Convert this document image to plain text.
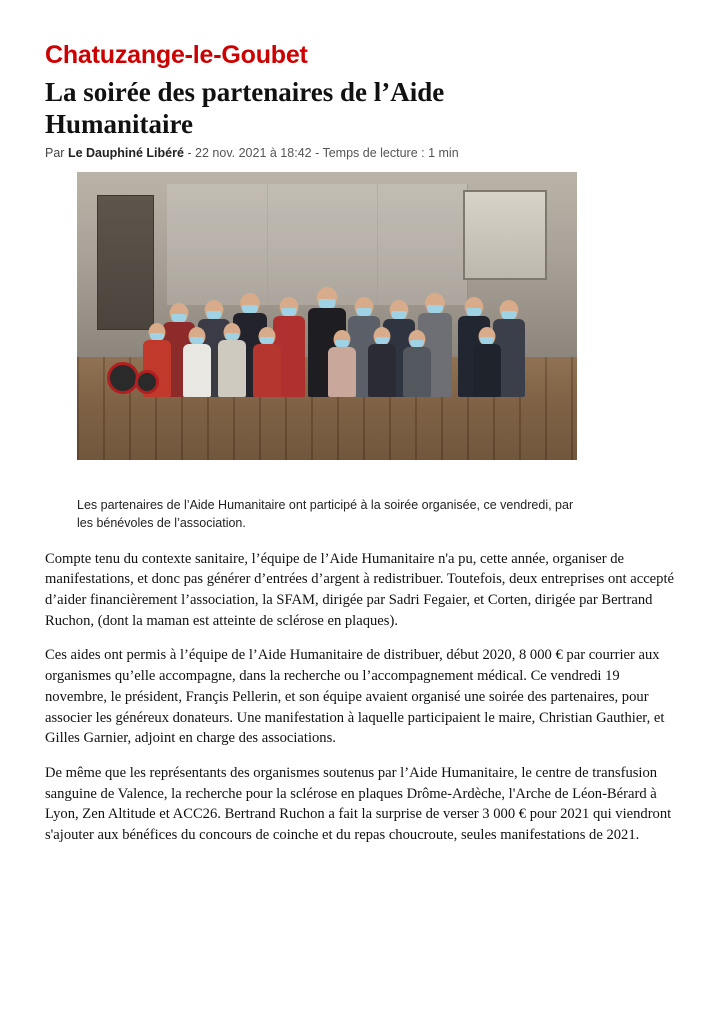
Chatuzange-le-Goubet
La soirée des partenaires de l’Aide Humanitaire
Par Le Dauphiné Libéré - 22 nov. 2021 à 18:42 - Temps de lecture : 1 min
Les partenaires de l’Aide Humanitaire ont participé à la soirée organisée, ce vendredi, par les bénévoles de l’association.

Compte tenu du contexte sanitaire, l’équipe de l’Aide Humanitaire n'a pu, cette année, organiser de manifestations, et donc pas générer d’entrées d’argent à redistribuer. Toutefois, deux entreprises ont accepté d’aider financièrement l’association, la SFAM, dirigée par Sadri Fegaier, et Corten, dirigée par Bertrand Ruchon, (dont la maman est atteinte de sclérose en plaques).

Ces aides ont permis à l’équipe de l’Aide Humanitaire de distribuer, début 2020, 8 000 € par courrier aux organismes qu’elle accompagne, dans la recherche ou l’accompagnement médical. Ce vendredi 19 novembre, le président, Françis Pellerin, et son équipe avaient organisé une soirée des partenaires, pour associer les généreux donateurs. Une manifestation à laquelle participaient le maire, Christian Gauthier, et Gilles Garnier, adjoint en charge des associations.

De même que les représentants des organismes soutenus par l’Aide Humanitaire, le centre de transfusion sanguine de Valence, la recherche pour la sclérose en plaques Drôme-Ardèche, l'Arche de Léon-Bérard à Lyon, Zen Altitude et ACC26. Bertrand Ruchon a fait la surprise de verser 3 000 € pour 2021 qui viendront s'ajouter aux bénéfices du concours de coinche et du repas choucroute, seules manifestations de 2021.
